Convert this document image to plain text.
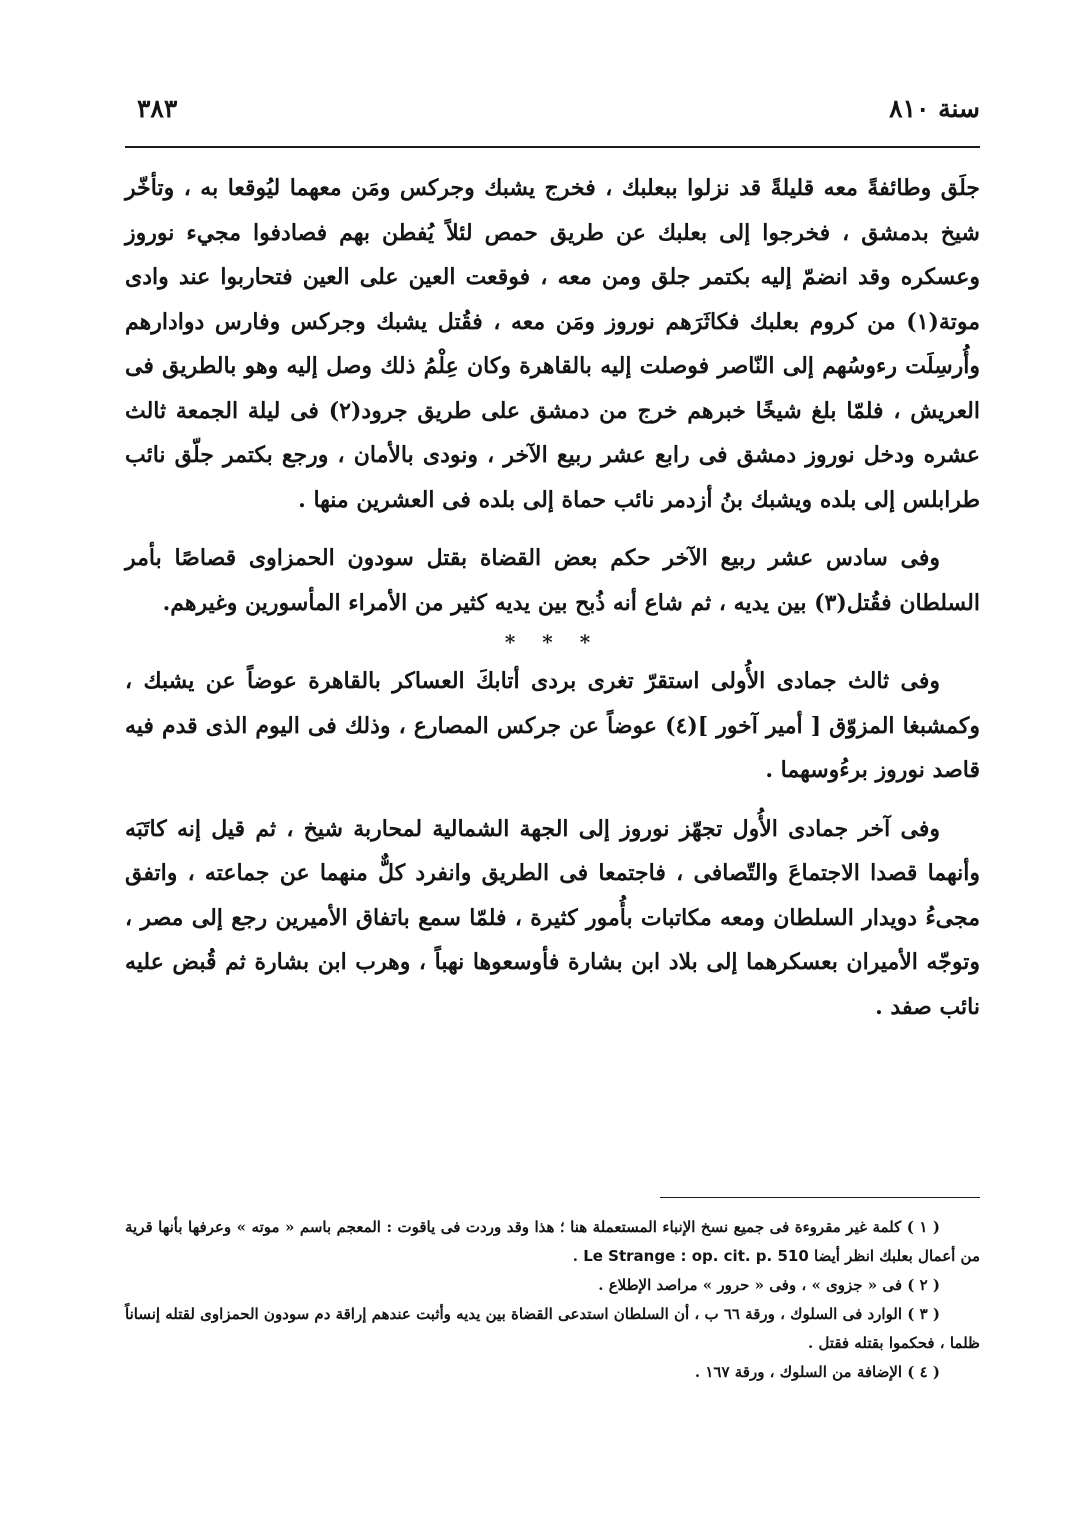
سنة ٨١٠
٣٨٣

جلَق وطائفةً معه قليلةً قد نزلوا ببعلبك ، فخرج يشبك وجركس ومَن معهما ليُوقعا به ، وتأخّر شيخ بدمشق ، فخرجوا إلى بعلبك عن طريق حمص لئلاً يُفطن بهم فصادفوا مجيء نوروز وعسكره وقد انضمّ إليه بكتمر جلق ومن معه ، فوقعت العين على العين فتحاربوا عند وادى موتة(١) من كروم بعلبك فكاثَرَهم نوروز ومَن معه ، فقُتل يشبك وجركس وفارس دوادارهم وأُرسِلَت رءوسُهم إلى النّاصر فوصلت إليه بالقاهرة وكان عِلْمُ ذلك وصل إليه وهو بالطريق فى العريش ، فلمّا بلغ شيخًا خبرهم خرج من دمشق على طريق جرود(٢) فى ليلة الجمعة ثالث عشره ودخل نوروز دمشق فى رابع عشر ربيع الآخر ، ونودى بالأمان ، ورجع بكتمر جلّق نائب طرابلس إلى بلده ويشبك بنُ أزدمر نائب حماة إلى بلده فى العشرين منها .

وفى سادس عشر ربيع الآخر حكم بعض القضاة بقتل سودون الحمزاوى قصاصًا بأمر السلطان فقُتل(٣) بين يديه ، ثم شاع أنه ذُبح بين يديه كثير من الأمراء المأسورين وغيرهم.

* * *

وفى ثالث جمادى الأُولى استقرّ تغرى بردى أتابكَ العساكر بالقاهرة عوضاً عن يشبك ، وكمشبغا المزوّق [ أمير آخور ](٤) عوضاً عن جركس المصارع ، وذلك فى اليوم الذى قدم فيه قاصد نوروز برءُوسهما .

وفى آخر جمادى الأُول تجهّز نوروز إلى الجهة الشمالية لمحاربة شيخ ، ثم قيل إنه كاتَبَه وأنهما قصدا الاجتماعَ والتّصافى ، فاجتمعا فى الطريق وانفرد كلٌّ منهما عن جماعته ، واتفق مجىءُ دويدار السلطان ومعه مكاتبات بأُمور كثيرة ، فلمّا سمع باتفاق الأميرين رجع إلى مصر ، وتوجّه الأميران بعسكرهما إلى بلاد ابن بشارة فأوسعوها نهباً ، وهرب ابن بشارة ثم قُبض عليه نائب صفد .

( ١ ) كلمة غير مقروءة فى جميع نسخ الإنباء المستعملة هنا ؛ هذا وقد وردت فى ياقوت : المعجم باسم « موته » وعرفها بأنها قرية من أعمال بعلبك انظر أيضا Le Strange : op. cit. p. 510 .

( ٢ ) فى « جزوى » ، وفى « حرور » مراصد الإطلاع .

( ٣ ) الوارد فى السلوك ، ورقة ٦٦ ب ، أن السلطان استدعى القضاة بين يديه وأثبت عندهم إراقة دم سودون الحمزاوى لقتله إنساناً ظلما ، فحكموا بقتله فقتل .

( ٤ ) الإضافة من السلوك ، ورقة ١٦٧ .
